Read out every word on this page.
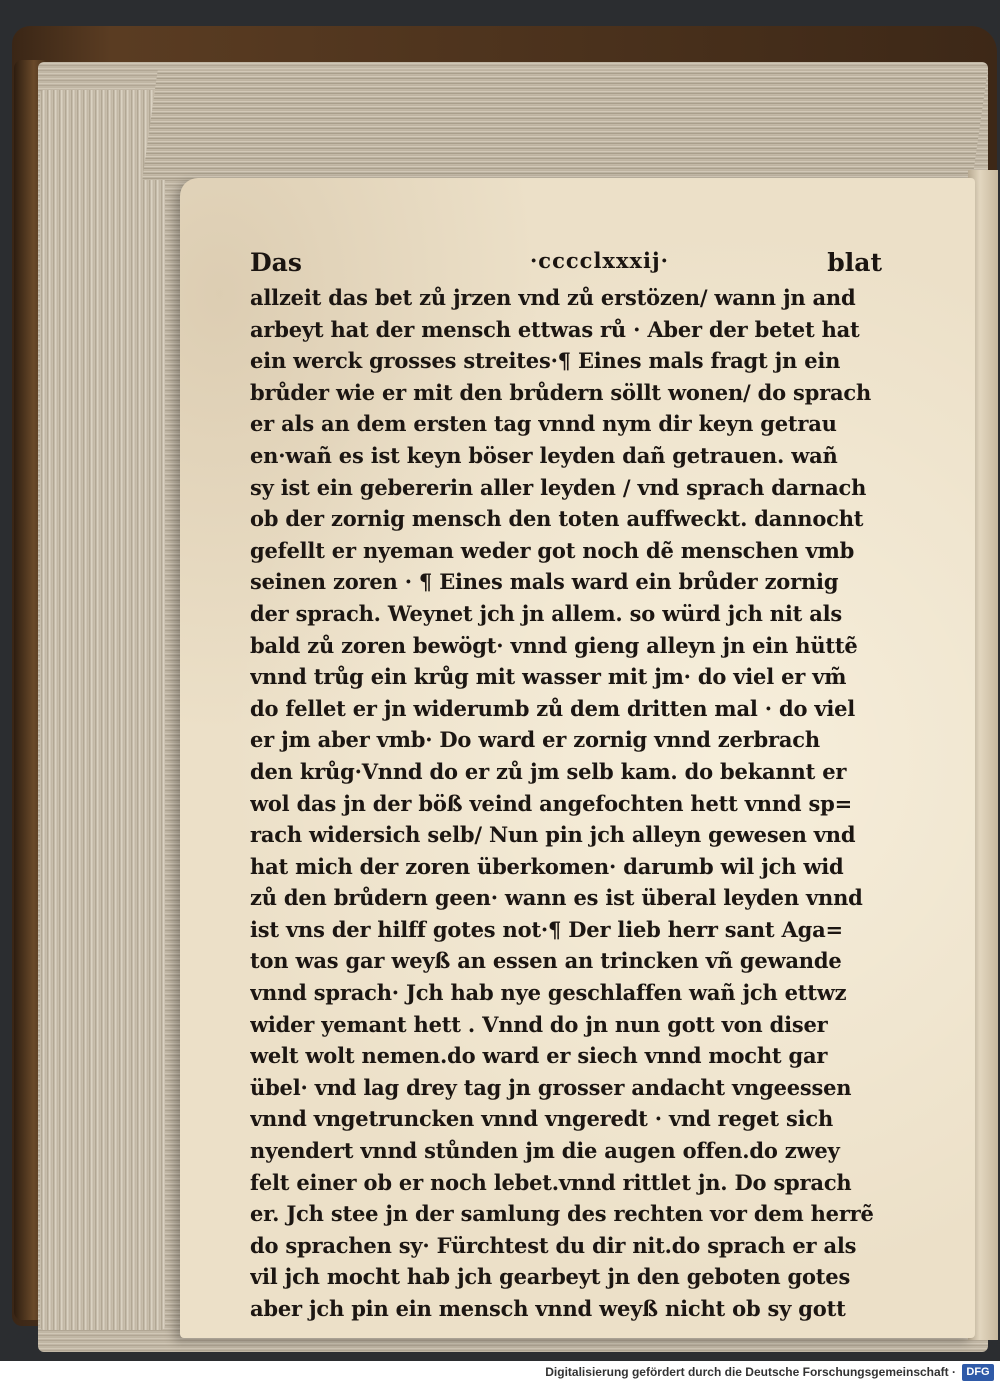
Das	·cccclxxxij·	blat
allzeit das bet zů jrzen vnd zů erstözen/ wann jn and
arbeyt hat der mensch ettwas rů · Aber der betet hat
ein werck grosses streites·¶ Eines mals fragt jn ein
brůder wie er mit den brůdern söllt wonen/ do sprach
er als an dem ersten tag vnnd nym dir keyn getrau
en·wañ es ist keyn böser leyden dañ getrauen. wañ
sy ist ein gebererin aller leyden / vnd sprach darnach
ob der zornig mensch den toten auffweckt. dannocht
gefellt er nyeman weder got noch dẽ menschen vmb
seinen zoren · ¶ Eines mals ward ein brůder zornig
der sprach. Weynet jch jn allem. so würd jch nit als
bald zů zoren bewögt· vnnd gieng alleyn jn ein hüttẽ
vnnd trůg ein krůg mit wasser mit jm· do viel er vm̃
do fellet er jn widerumb zů dem dritten mal · do viel
er jm aber vmb· Do ward er zornig vnnd zerbrach
den krůg·Vnnd do er zů jm selb kam. do bekannt er
wol das jn der böß veind angefochten hett vnnd sp=
rach widersich selb/ Nun pin jch alleyn gewesen vnd
hat mich der zoren überkomen· darumb wil jch wid
zů den brůdern geen· wann es ist überal leyden vnnd
ist vns der hilff gotes not·¶ Der lieb herr sant Aga=
ton was gar weyß an essen an trincken vñ gewande
vnnd sprach· Jch hab nye geschlaffen wañ jch ettwz
wider yemant hett . Vnnd do jn nun gott von diser
welt wolt nemen.do ward er siech vnnd mocht gar
übel· vnd lag drey tag jn grosser andacht vngeessen
vnnd vngetruncken vnnd vngeredt · vnd reget sich
nyendert vnnd stůnden jm die augen offen.do zwey
felt einer ob er noch lebet.vnnd rittlet jn. Do sprach
er. Jch stee jn der samlung des rechten vor dem herrẽ
do sprachen sy· Fürchtest du dir nit.do sprach er als
vil jch mocht hab jch gearbeyt jn den geboten gotes
aber jch pin ein mensch vnnd weyß nicht ob sy gott
Digitalisierung gefördert durch die Deutsche Forschungsgemeinschaft · DFG
